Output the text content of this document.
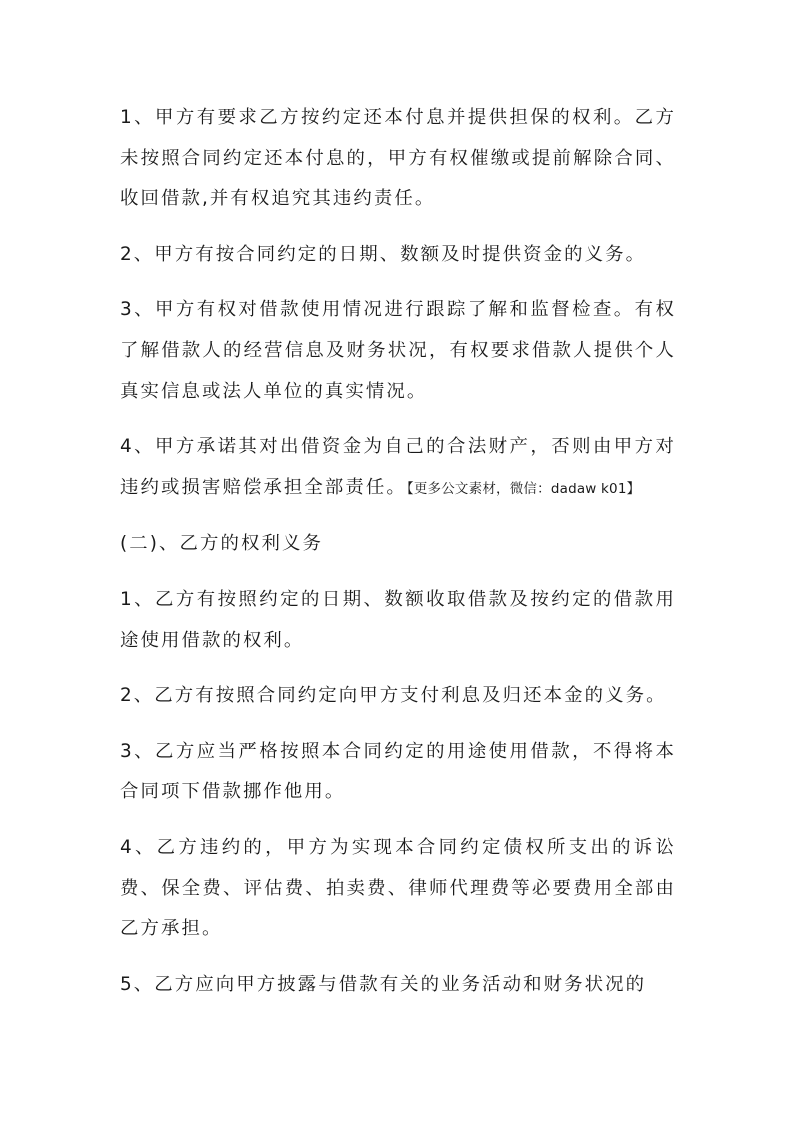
1、甲方有要求乙方按约定还本付息并提供担保的权利。乙方未按照合同约定还本付息的，甲方有权催缴或提前解除合同、收回借款,并有权追究其违约责任。

2、甲方有按合同约定的日期、数额及时提供资金的义务。

3、甲方有权对借款使用情况进行跟踪了解和监督检查。有权了解借款人的经营信息及财务状况，有权要求借款人提供个人真实信息或法人单位的真实情况。

4、甲方承诺其对出借资金为自己的合法财产，否则由甲方对违约或损害赔偿承担全部责任。【更多公文素材，微信：dadaw k01】

(二)、乙方的权利义务

1、乙方有按照约定的日期、数额收取借款及按约定的借款用途使用借款的权利。

2、乙方有按照合同约定向甲方支付利息及归还本金的义务。

3、乙方应当严格按照本合同约定的用途使用借款，不得将本合同项下借款挪作他用。

4、乙方违约的，甲方为实现本合同约定债权所支出的诉讼费、保全费、评估费、拍卖费、律师代理费等必要费用全部由乙方承担。

5、乙方应向甲方披露与借款有关的业务活动和财务状况的
